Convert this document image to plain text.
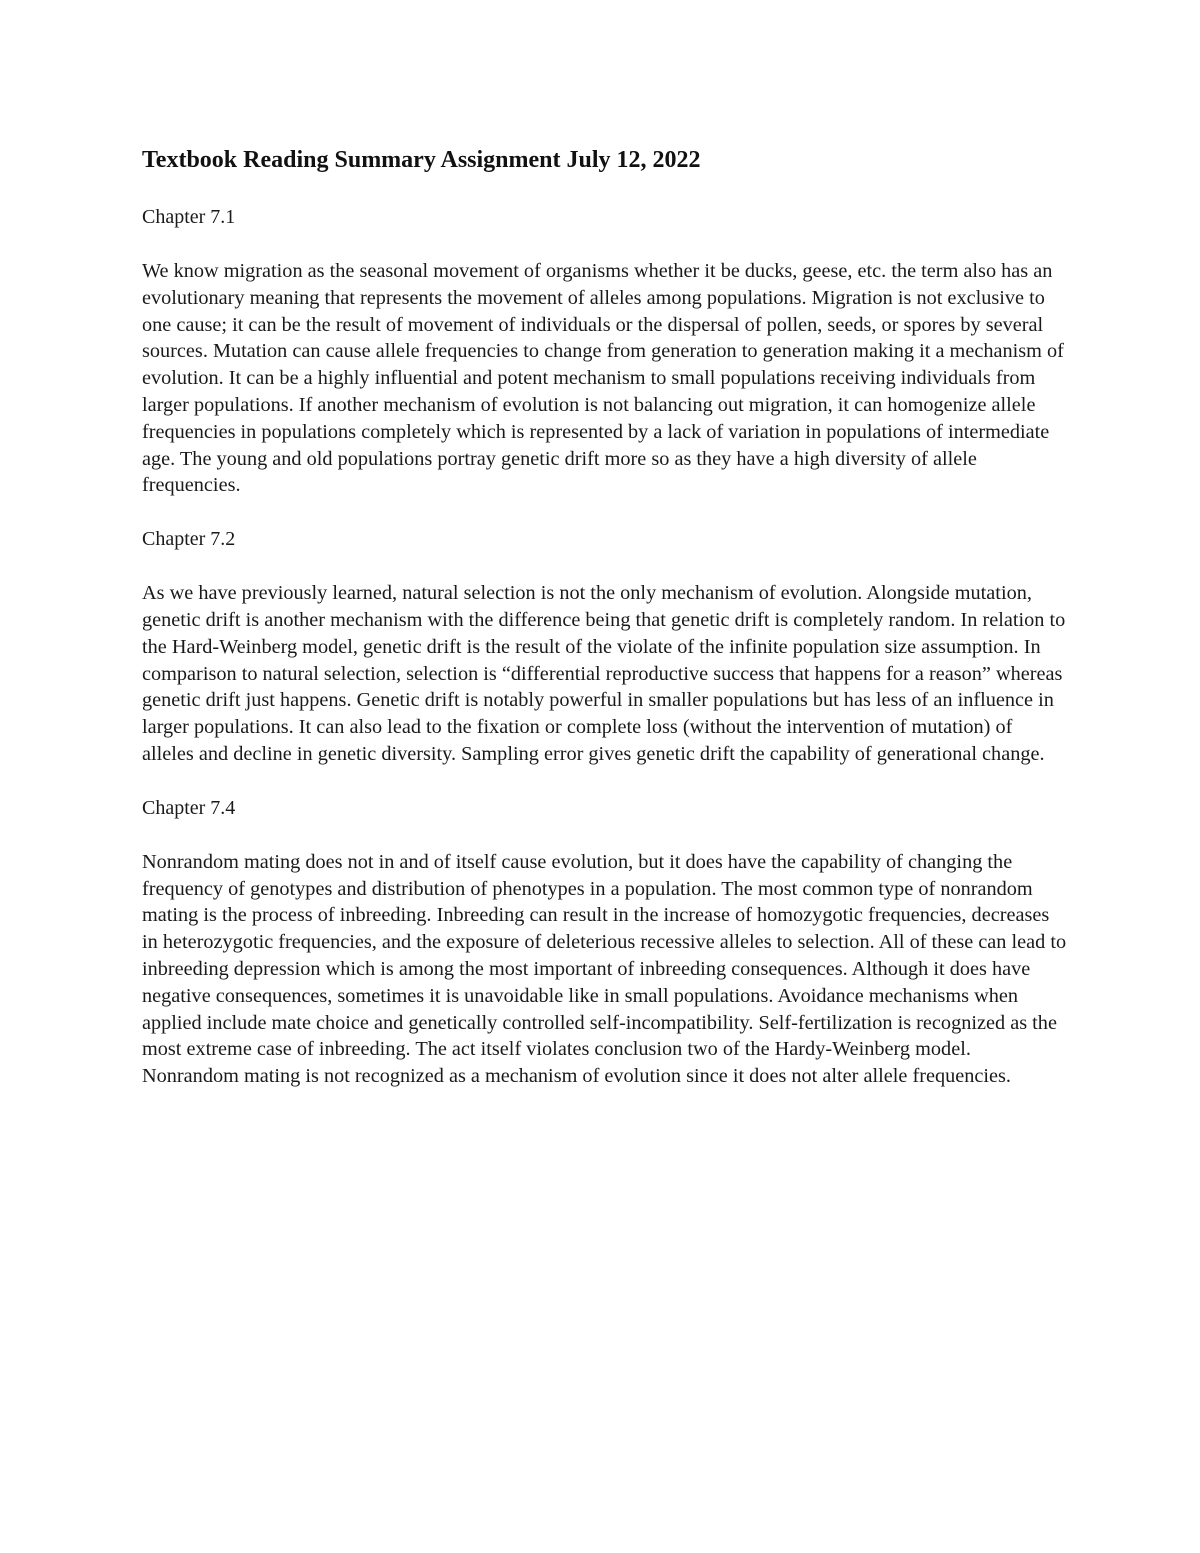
Textbook Reading Summary Assignment July 12, 2022

Chapter 7.1

We know migration as the seasonal movement of organisms whether it be ducks, geese, etc. the term also has an evolutionary meaning that represents the movement of alleles among populations. Migration is not exclusive to one cause; it can be the result of movement of individuals or the dispersal of pollen, seeds, or spores by several sources. Mutation can cause allele frequencies to change from generation to generation making it a mechanism of evolution. It can be a highly influential and potent mechanism to small populations receiving individuals from larger populations. If another mechanism of evolution is not balancing out migration, it can homogenize allele frequencies in populations completely which is represented by a lack of variation in populations of intermediate age. The young and old populations portray genetic drift more so as they have a high diversity of allele frequencies.

Chapter 7.2

As we have previously learned, natural selection is not the only mechanism of evolution. Alongside mutation, genetic drift is another mechanism with the difference being that genetic drift is completely random. In relation to the Hard-Weinberg model, genetic drift is the result of the violate of the infinite population size assumption. In comparison to natural selection, selection is “differential reproductive success that happens for a reason” whereas genetic drift just happens. Genetic drift is notably powerful in smaller populations but has less of an influence in larger populations. It can also lead to the fixation or complete loss (without the intervention of mutation) of alleles and decline in genetic diversity. Sampling error gives genetic drift the capability of generational change.

Chapter 7.4

Nonrandom mating does not in and of itself cause evolution, but it does have the capability of changing the frequency of genotypes and distribution of phenotypes in a population. The most common type of nonrandom mating is the process of inbreeding. Inbreeding can result in the increase of homozygotic frequencies, decreases in heterozygotic frequencies, and the exposure of deleterious recessive alleles to selection. All of these can lead to inbreeding depression which is among the most important of inbreeding consequences. Although it does have negative consequences, sometimes it is unavoidable like in small populations. Avoidance mechanisms when applied include mate choice and genetically controlled self-incompatibility. Self-fertilization is recognized as the most extreme case of inbreeding. The act itself violates conclusion two of the Hardy-Weinberg model. Nonrandom mating is not recognized as a mechanism of evolution since it does not alter allele frequencies.
